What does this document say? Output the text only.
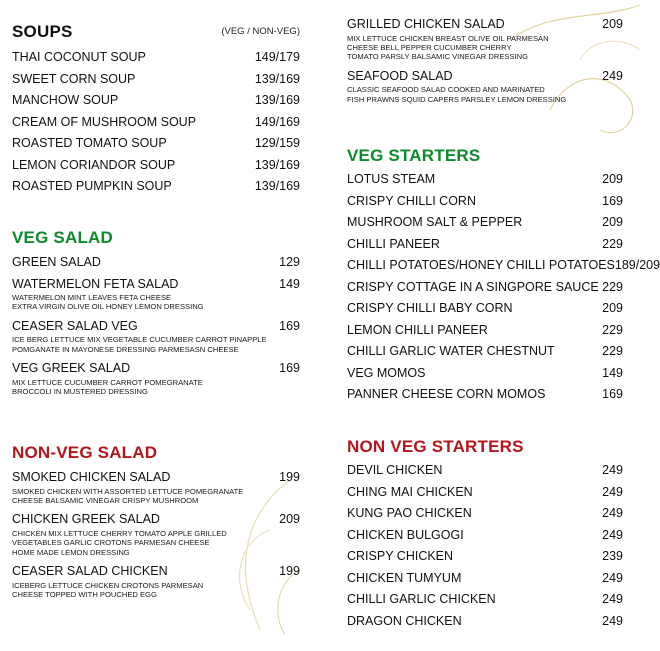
SOUPS	(VEG / NON-VEG)
THAI COCONUT SOUP	149/179
SWEET CORN SOUP	139/169
MANCHOW SOUP	139/169
CREAM OF MUSHROOM SOUP	149/169
ROASTED TOMATO SOUP	129/159
LEMON CORIANDOR SOUP	139/169
ROASTED PUMPKIN SOUP	139/169
VEG SALAD
GREEN SALAD	129
WATERMELON FETA SALAD	149
WATERMELON MINT LEAVES FETA CHEESE
EXTRA VIRGIN OLIVE OIL HONEY LEMON DRESSING
CEASER SALAD VEG	169
ICE BERG LETTUCE MIX VEGETABLE CUCUMBER CARROT PINAPPLE
POMGANATE IN MAYONESE DRESSING PARMESASN CHEESE
VEG GREEK SALAD	169
MIX LETTUCE CUCUMBER CARROT POMEGRANATE
BROCCOLI IN MUSTERED DRESSING
NON-VEG SALAD
SMOKED CHICKEN SALAD	199
SMOKED CHICKEN WITH ASSORTED LETTUCE POMEGRANATE
CHEESE BALSAMIC VINEGAR CRISPY MUSHROOM
CHICKEN GREEK SALAD	209
CHICKEN MIX LETTUCE CHERRY TOMATO APPLE GRILLED
VEGETABLES GARLIC CROTONS PARMESAN CHEESE
HOME MADE LEMON DRESSING
CEASER SALAD CHICKEN	199
ICEBERG LETTUCE CHICKEN CROTONS PARMESAN
CHEESE TOPPED WITH POUCHED EGG
GRILLED CHICKEN SALAD	209
MIX LETTUCE CHICKEN BREAST OLIVE OIL PARMESAN
CHEESE BELL PEPPER CUCUMBER CHERRY
TOMATO PARSLY BALSAMIC VINEGAR DRESSING
SEAFOOD SALAD	249
CLASSIC SEAFOOD SALAD COOKED AND MARINATED
FISH PRAWNS SQUID CAPERS PARSLEY LEMON DRESSING
VEG STARTERS
LOTUS STEAM	209
CRISPY CHILLI CORN	169
MUSHROOM SALT & PEPPER	209
CHILLI PANEER	229
CHILLI POTATOES/HONEY CHILLI POTATOES 189/209
CRISPY COTTAGE IN A SINGPORE SAUCE 229
CRISPY CHILLI BABY CORN	209
LEMON CHILLI PANEER	229
CHILLI GARLIC WATER CHESTNUT	229
VEG MOMOS	149
PANNER CHEESE CORN MOMOS	169
NON VEG STARTERS
DEVIL CHICKEN	249
CHING MAI CHICKEN	249
KUNG PAO CHICKEN	249
CHICKEN BULGOGI	249
CRISPY CHICKEN	239
CHICKEN TUMYUM	249
CHILLI GARLIC CHICKEN	249
DRAGON CHICKEN	249
